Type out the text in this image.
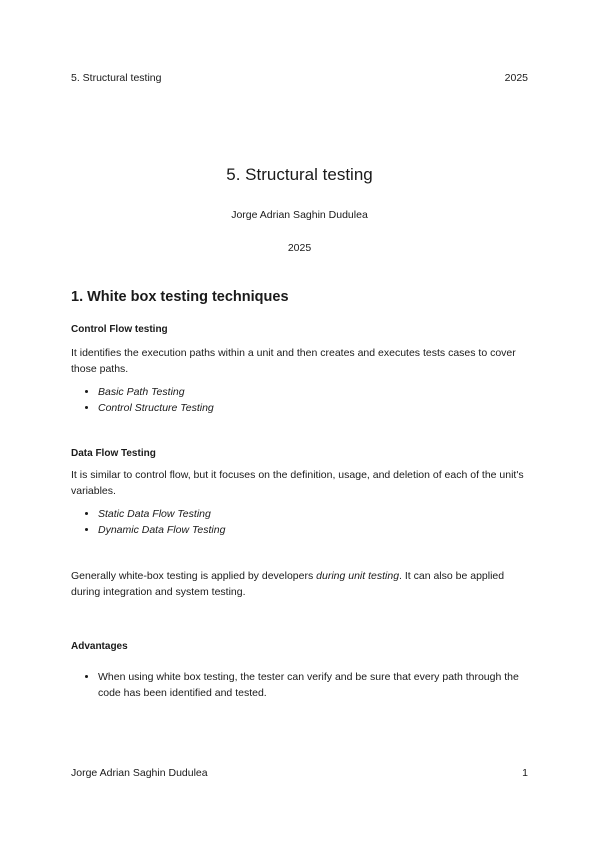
5. Structural testing	2025
5. Structural testing
Jorge Adrian Saghin Dudulea
2025
1. White box testing techniques
Control Flow testing

It identifies the execution paths within a unit and then creates and executes tests cases to cover those paths.

• Basic Path Testing
• Control Structure Testing
Data Flow Testing

It is similar to control flow, but it focuses on the definition, usage, and deletion of each of the unit's variables.

• Static Data Flow Testing
• Dynamic Data Flow Testing

Generally white-box testing is applied by developers during unit testing. It can also be applied during integration and system testing.

Advantages
• When using white box testing, the tester can verify and be sure that every path through the code has been identified and tested.
Jorge Adrian Saghin Dudulea	1
